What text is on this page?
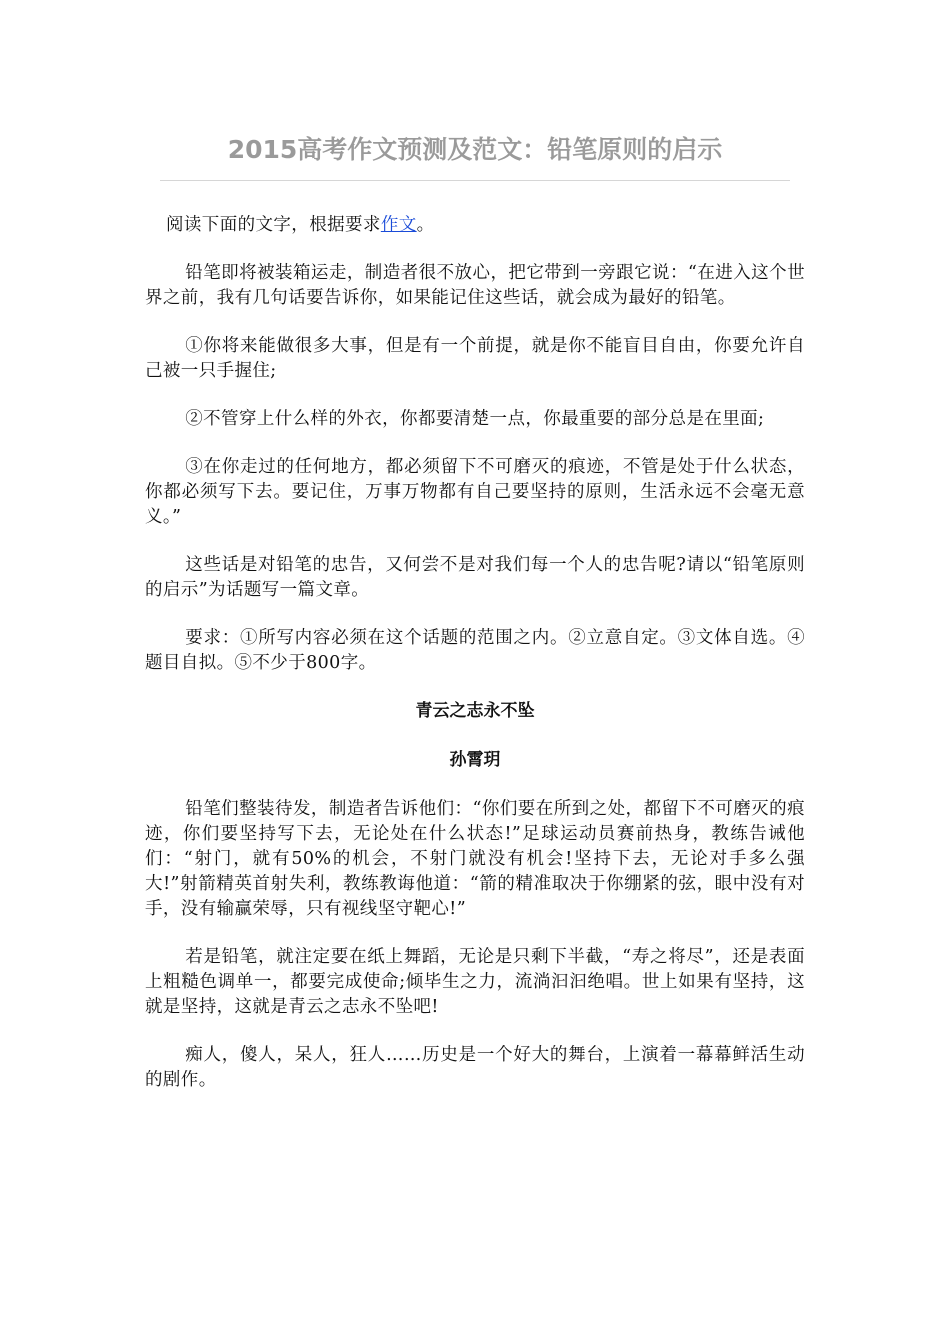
2015高考作文预测及范文：铅笔原则的启示

阅读下面的文字，根据要求作文。

铅笔即将被装箱运走，制造者很不放心，把它带到一旁跟它说：“在进入这个世界之前，我有几句话要告诉你，如果能记住这些话，就会成为最好的铅笔。

①你将来能做很多大事，但是有一个前提，就是你不能盲目自由，你要允许自己被一只手握住;

②不管穿上什么样的外衣，你都要清楚一点，你最重要的部分总是在里面;

③在你走过的任何地方，都必须留下不可磨灭的痕迹，不管是处于什么状态，你都必须写下去。要记住，万事万物都有自己要坚持的原则，生活永远不会毫无意义。”

这些话是对铅笔的忠告，又何尝不是对我们每一个人的忠告呢?请以“铅笔原则的启示”为话题写一篇文章。

要求：①所写内容必须在这个话题的范围之内。②立意自定。③文体自选。④题目自拟。⑤不少于800字。

青云之志永不坠

孙霄玥

铅笔们整装待发，制造者告诉他们：“你们要在所到之处，都留下不可磨灭的痕迹，你们要坚持写下去，无论处在什么状态!”足球运动员赛前热身，教练告诫他们：“射门，就有50%的机会，不射门就没有机会!坚持下去，无论对手多么强大!”射箭精英首射失利，教练教诲他道：“箭的精准取决于你绷紧的弦，眼中没有对手，没有输赢荣辱，只有视线坚守靶心!”

若是铅笔，就注定要在纸上舞蹈，无论是只剩下半截，“寿之将尽”，还是表面上粗糙色调单一，都要完成使命;倾毕生之力，流淌汩汩绝唱。世上如果有坚持，这就是坚持，这就是青云之志永不坠吧!

痴人，傻人，呆人，狂人……历史是一个好大的舞台，上演着一幕幕鲜活生动的剧作。
